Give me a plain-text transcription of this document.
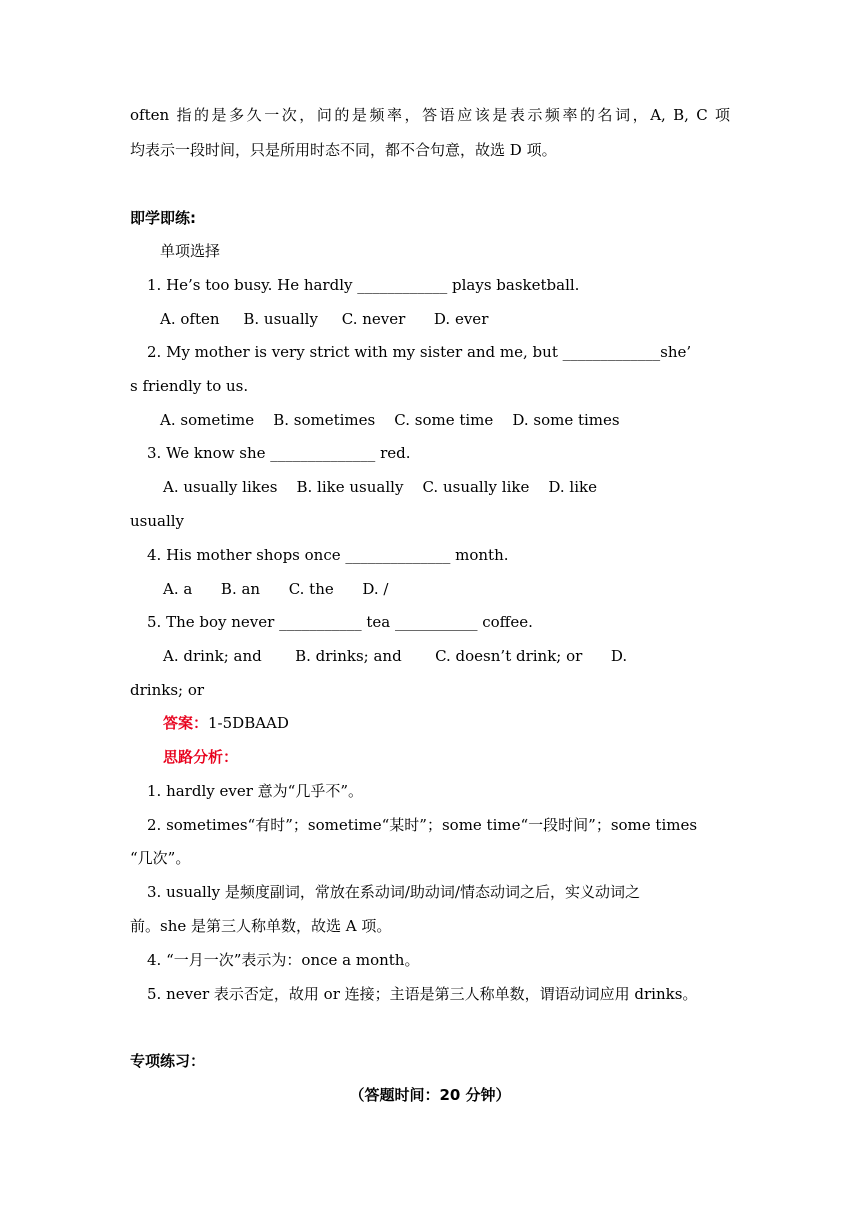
often 指的是多久一次，问的是频率，答语应该是表示频率的名词，A, B, C 项

均表示一段时间，只是所用时态不同，都不合句意，故选 D 项。

即学即练:

单项选择

1. He’s too busy. He hardly ____________ plays basketball.

A. often     B. usually     C. never      D. ever

2. My mother is very strict with my sister and me, but _____________she’

s friendly to us.

A. sometime    B. sometimes    C. some time    D. some times

3. We know she ______________ red.

A. usually likes    B. like usually    C. usually like    D. like

usually

4. His mother shops once ______________ month.

A. a      B. an      C. the      D. /

5. The boy never ___________ tea ___________ coffee.

A. drink; and       B. drinks; and       C. doesn’t drink; or      D.

drinks; or

答案：1-5DBAAD

思路分析：

1. hardly ever 意为“几乎不”。

2. sometimes“有时”；sometime“某时”；some time“一段时间”；some times

“几次”。

3. usually 是频度副词，常放在系动词/助动词/情态动词之后，实义动词之

前。she 是第三人称单数，故选 A 项。

4. “一月一次”表示为：once a month。

5. never 表示否定，故用 or 连接；主语是第三人称单数，谓语动词应用 drinks。

专项练习：

（答题时间：20 分钟）
